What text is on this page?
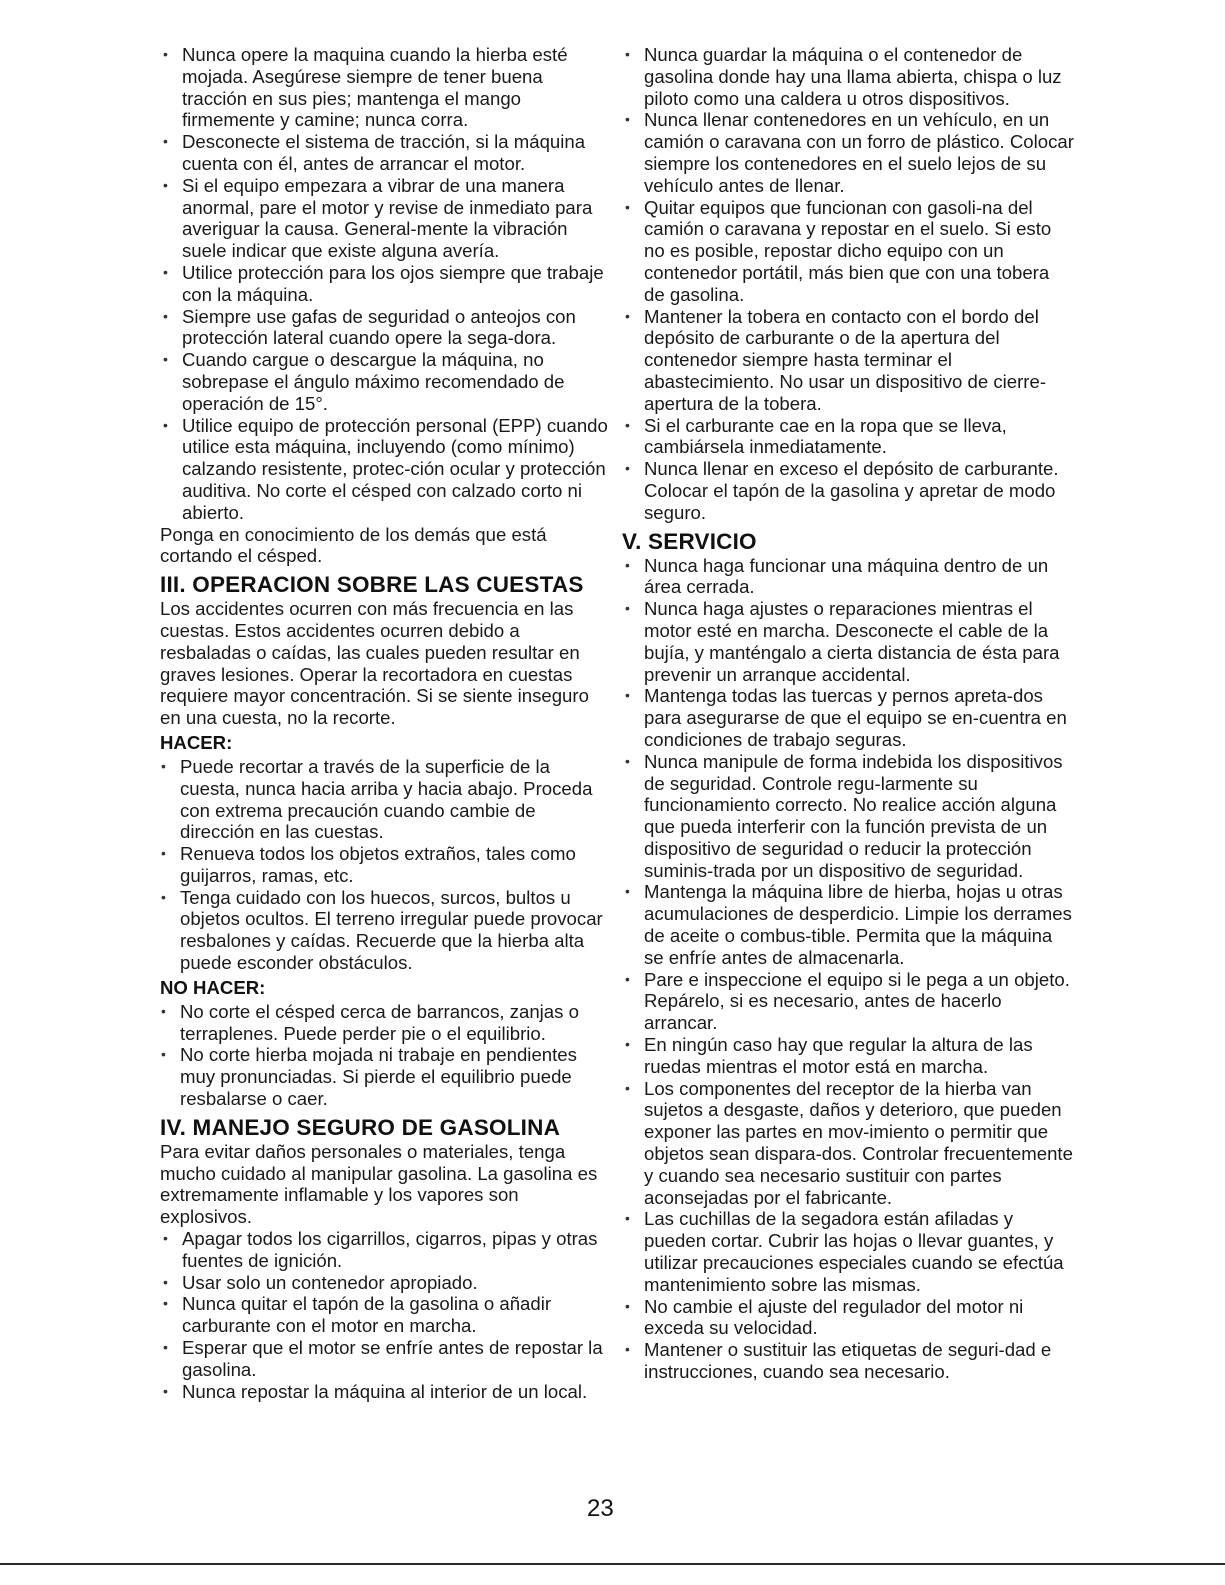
• Nunca opere la maquina cuando la hierba esté mojada. Asegúrese siempre de tener buena tracción en sus pies; mantenga el mango firmemente y camine; nunca corra.
• Desconecte el sistema de tracción, si la máquina cuenta con él, antes de arrancar el motor.
• Si el equipo empezara a vibrar de una manera anormal, pare el motor y revise de inmediato para averiguar la causa. General-mente la vibración suele indicar que existe alguna avería.
• Utilice protección para los ojos siempre que trabaje con la máquina.
• Siempre use gafas de seguridad o anteojos con protección lateral cuando opere la sega-dora.
• Cuando cargue o descargue la máquina, no sobrepase el ángulo máximo recomendado de operación de 15°.
• Utilice equipo de protección personal (EPP) cuando utilice esta máquina, incluyendo (como mínimo) calzando resistente, protec-ción ocular y protección auditiva. No corte el césped con calzado corto ni abierto.

Ponga en conocimiento de los demás que está cortando el césped.

III. OPERACION SOBRE LAS CUESTAS

Los accidentes ocurren con más frecuencia en las cuestas. Estos accidentes ocurren debido a resbaladas o caídas, las cuales pueden resultar en graves lesiones. Operar la recortadora en cuestas requiere mayor concentración. Si se siente inseguro en una cuesta, no la recorte.

HACER:
• Puede recortar a través de la superficie de la cuesta, nunca hacia arriba y hacia abajo. Proceda con extrema precaución cuando cambie de dirección en las cuestas.
• Renueva todos los objetos extraños, tales como guijarros, ramas, etc.
• Tenga cuidado con los huecos, surcos, bultos u objetos ocultos. El terreno irregular puede provocar resbalones y caídas. Recuerde que la hierba alta puede esconder obstáculos.
NO HACER:
• No corte el césped cerca de barrancos, zanjas o terraplenes. Puede perder pie o el equilibrio.
• No corte hierba mojada ni trabaje en pendientes muy pronunciadas. Si pierde el equilibrio puede resbalarse o caer.
IV. MANEJO SEGURO DE GASOLINA

Para evitar daños personales o materiales, tenga mucho cuidado al manipular gasolina. La gasolina es extremamente inflamable y los vapores son explosivos.

• Apagar todos los cigarrillos, cigarros, pipas y otras fuentes de ignición.
• Usar solo un contenedor apropiado.
• Nunca quitar el tapón de la gasolina o añadir carburante con el motor en marcha.
• Esperar que el motor se enfríe antes de repostar la gasolina.
• Nunca repostar la máquina al interior de un local.
• Nunca guardar la máquina o el contenedor de gasolina donde hay una llama abierta, chispa o luz piloto como una caldera u otros dispositivos.
• Nunca llenar contenedores en un vehículo, en un camión o caravana con un forro de plástico. Colocar siempre los contenedores en el suelo lejos de su vehículo antes de llenar.
• Quitar equipos que funcionan con gasoli-na del camión o caravana y repostar en el suelo. Si esto no es posible, repostar dicho equipo con un contenedor portátil, más bien que con una tobera de gasolina.
• Mantener la tobera en contacto con el bordo del depósito de carburante o de la apertura del contenedor siempre hasta terminar el abastecimiento. No usar un dispositivo de cierre-apertura de la tobera.
• Si el carburante cae en la ropa que se lleva, cambiársela inmediatamente.
• Nunca llenar en exceso el depósito de carburante. Colocar el tapón de la gasolina y apretar de modo seguro.
V. SERVICIO
• Nunca haga funcionar una máquina dentro de un área cerrada.
• Nunca haga ajustes o reparaciones mientras el motor esté en marcha. Desconecte el cable de la bujía, y manténgalo a cierta distancia de ésta para prevenir un arranque accidental.
• Mantenga todas las tuercas y pernos apreta-dos para asegurarse de que el equipo se en-cuentra en condiciones de trabajo seguras.
• Nunca manipule de forma indebida los dispositivos de seguridad. Controle regu-larmente su funcionamiento correcto. No realice acción alguna que pueda interferir con la función prevista de un dispositivo de seguridad o reducir la protección suminis-trada por un dispositivo de seguridad.
• Mantenga la máquina libre de hierba, hojas u otras acumulaciones de desperdicio. Limpie los derrames de aceite o combus-tible. Permita que la máquina se enfríe antes de almacenarla.
• Pare e inspeccione el equipo si le pega a un objeto. Repárelo, si es necesario, antes de hacerlo arrancar.
• En ningún caso hay que regular la altura de las ruedas mientras el motor está en marcha.
• Los componentes del receptor de la hierba van sujetos a desgaste, daños y deterioro, que pueden exponer las partes en mov-imiento o permitir que objetos sean dispara-dos. Controlar frecuentemente y cuando sea necesario sustituir con partes aconsejadas por el fabricante.
• Las cuchillas de la segadora están afiladas y pueden cortar. Cubrir las hojas o llevar guantes, y utilizar precauciones especiales cuando se efectúa mantenimiento sobre las mismas.
• No cambie el ajuste del regulador del motor ni exceda su velocidad.
• Mantener o sustituir las etiquetas de seguri-dad e instrucciones, cuando sea necesario.
23
